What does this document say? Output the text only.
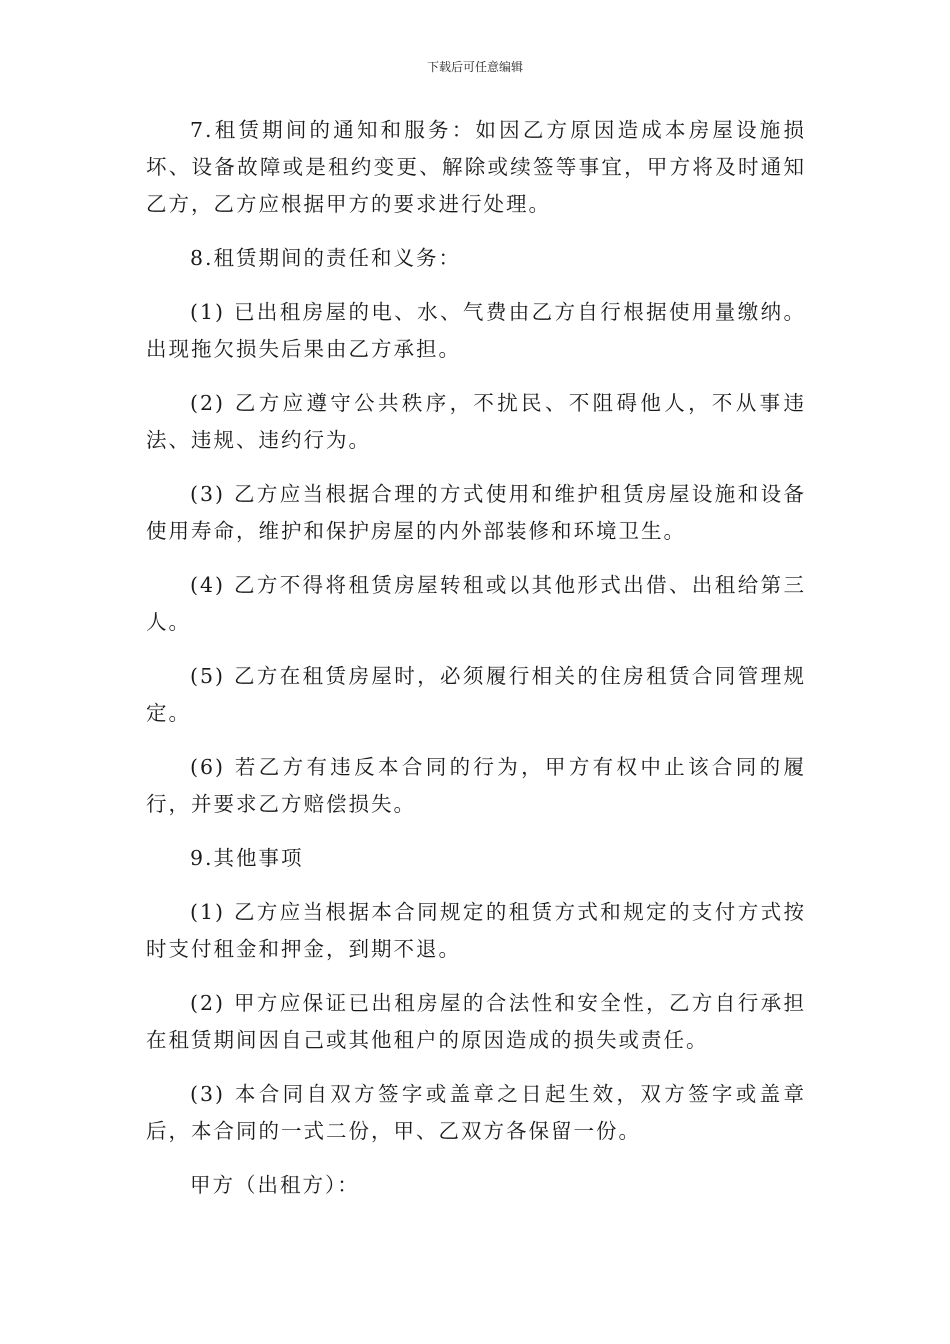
下载后可任意编辑

7.租赁期间的通知和服务：如因乙方原因造成本房屋设施损坏、设备故障或是租约变更、解除或续签等事宜，甲方将及时通知乙方，乙方应根据甲方的要求进行处理。

8.租赁期间的责任和义务：

(1) 已出租房屋的电、水、气费由乙方自行根据使用量缴纳。出现拖欠损失后果由乙方承担。

(2) 乙方应遵守公共秩序，不扰民、不阻碍他人，不从事违法、违规、违约行为。

(3) 乙方应当根据合理的方式使用和维护租赁房屋设施和设备使用寿命，维护和保护房屋的内外部装修和环境卫生。

(4) 乙方不得将租赁房屋转租或以其他形式出借、出租给第三人。

(5) 乙方在租赁房屋时，必须履行相关的住房租赁合同管理规定。

(6) 若乙方有违反本合同的行为，甲方有权中止该合同的履行，并要求乙方赔偿损失。

9.其他事项

(1) 乙方应当根据本合同规定的租赁方式和规定的支付方式按时支付租金和押金，到期不退。

(2) 甲方应保证已出租房屋的合法性和安全性，乙方自行承担在租赁期间因自己或其他租户的原因造成的损失或责任。

(3) 本合同自双方签字或盖章之日起生效，双方签字或盖章后，本合同的一式二份，甲、乙双方各保留一份。

甲方（出租方）：
